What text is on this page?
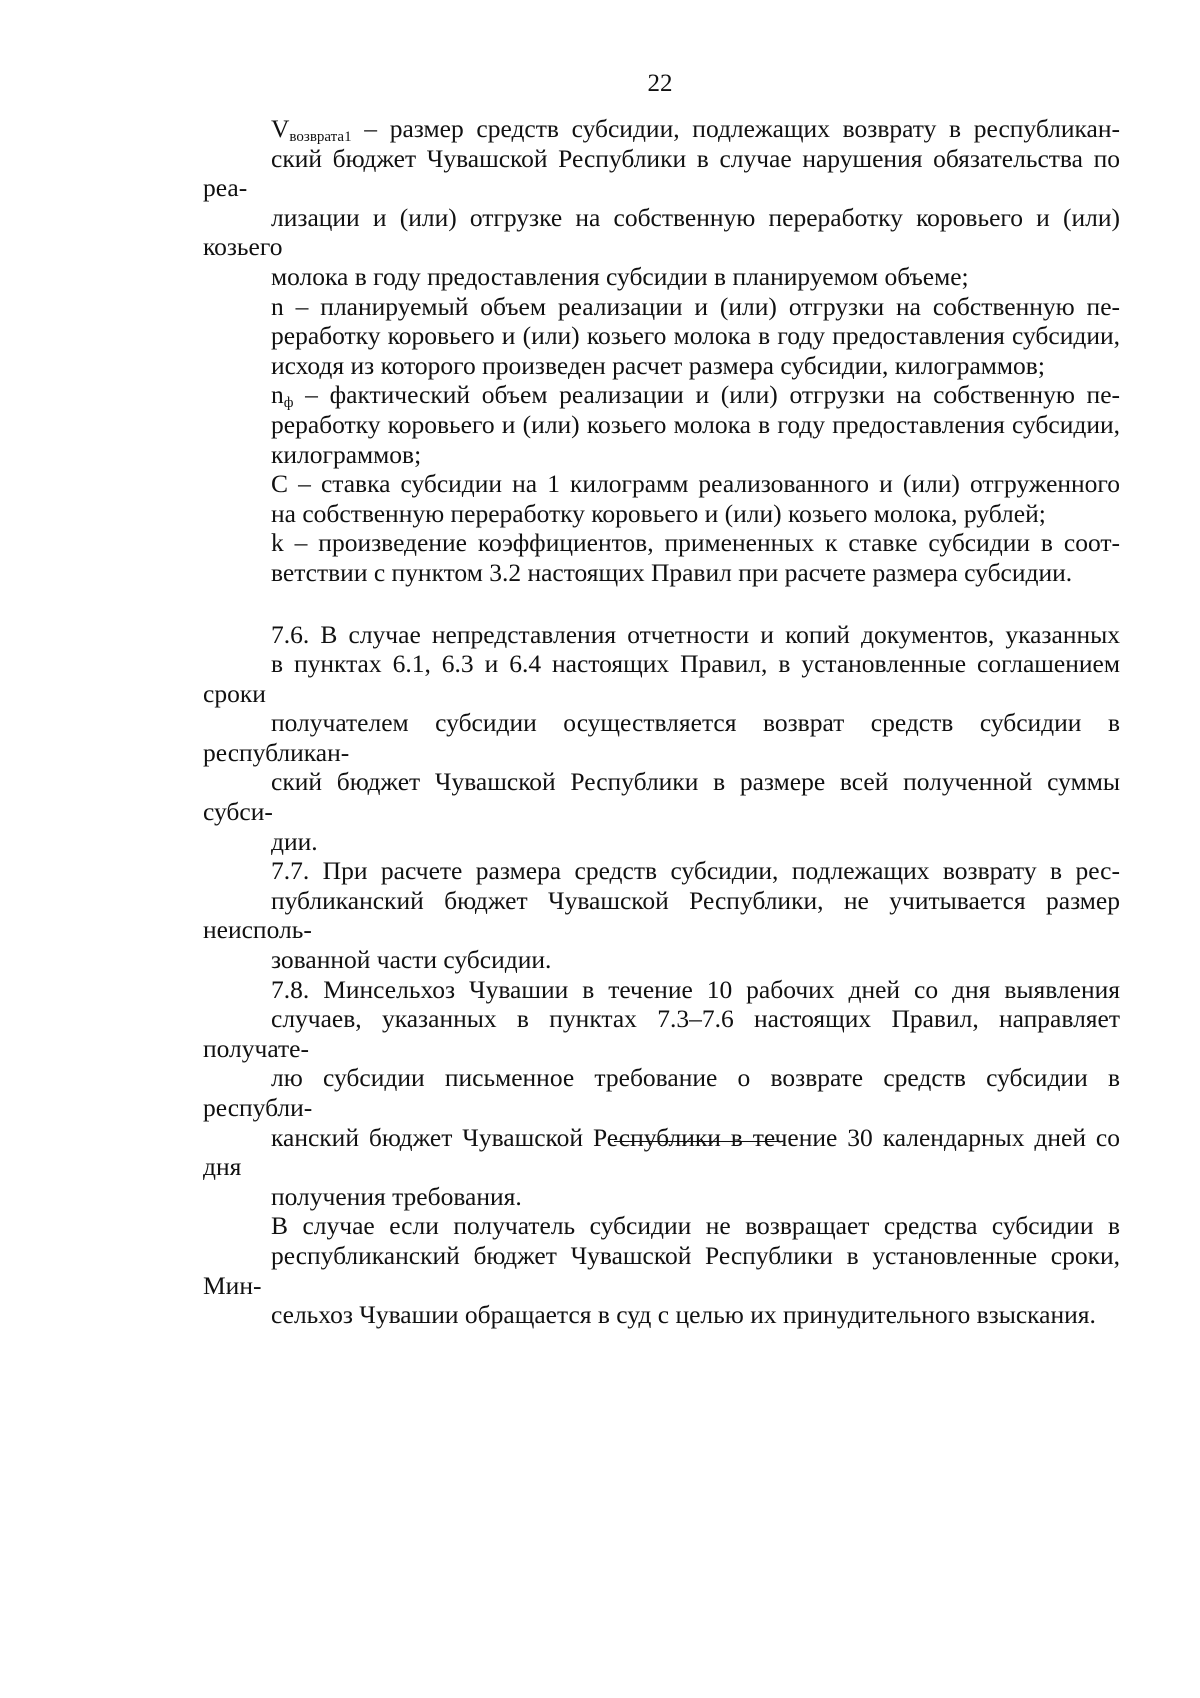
22

$V_{возврата1}$ – размер средств субсидии, подлежащих возврату в республикан-
ский бюджет Чувашской Республики в случае нарушения обязательства по реа-
лизации и (или) отгрузке на собственную переработку коровьего и (или) козьего
молока в году предоставления субсидии в планируемом объеме;

n – планируемый объем реализации и (или) отгрузки на собственную пе-
реработку коровьего и (или) козьего молока в году предоставления субсидии,
исходя из которого произведен расчет размера субсидии, килограммов;

$n_ф$ – фактический объем реализации и (или) отгрузки на собственную пе-
реработку коровьего и (или) козьего молока в году предоставления субсидии,
килограммов;

С – ставка субсидии на 1 килограмм реализованного и (или) отгруженного
на собственную переработку коровьего и (или) козьего молока, рублей;

k – произведение коэффициентов, примененных к ставке субсидии в соот-
ветствии с пунктом 3.2 настоящих Правил при расчете размера субсидии.

7.6. В случае непредставления отчетности и копий документов, указанных
в пунктах 6.1, 6.3 и 6.4 настоящих Правил, в установленные соглашением сроки
получателем субсидии осуществляется возврат средств субсидии в республикан-
ский бюджет Чувашской Республики в размере всей полученной суммы субси-
дии.

7.7. При расчете размера средств субсидии, подлежащих возврату в рес-
публиканский бюджет Чувашской Республики, не учитывается размер неисполь-
зованной части субсидии.

7.8. Минсельхоз Чувашии в течение 10 рабочих дней со дня выявления
случаев, указанных в пунктах 7.3–7.6 настоящих Правил, направляет получате-
лю субсидии письменное требование о возврате средств субсидии в республи-
канский бюджет Чувашской Республики в течение 30 календарных дней со дня
получения требования.

В случае если получатель субсидии не возвращает средства субсидии в
республиканский бюджет Чувашской Республики в установленные сроки, Мин-
сельхоз Чувашии обращается в суд с целью их принудительного взыскания.
